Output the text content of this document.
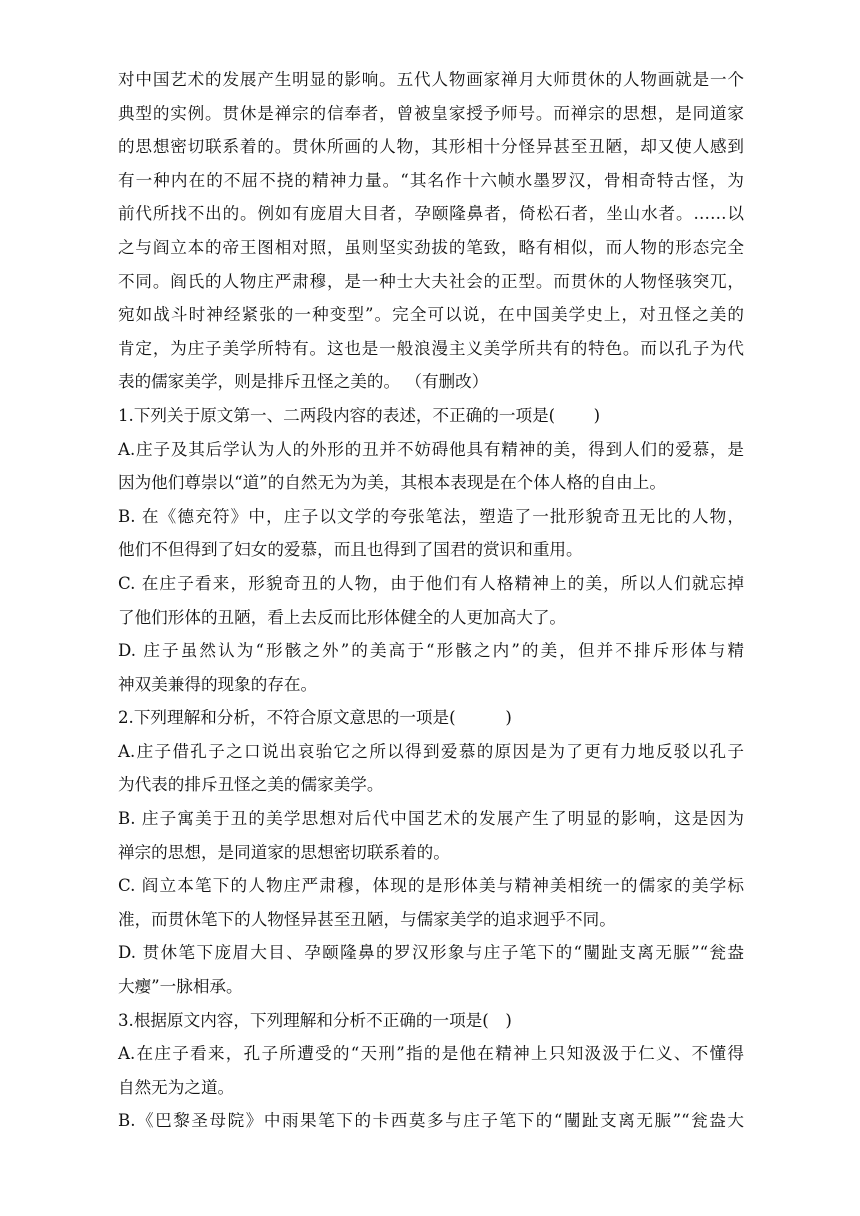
对中国艺术的发展产生明显的影响。五代人物画家禅月大师贯休的人物画就是一个

典型的实例。贯休是禅宗的信奉者，曾被皇家授予师号。而禅宗的思想，是同道家

的思想密切联系着的。贯休所画的人物，其形相十分怪异甚至丑陋，却又使人感到

有一种内在的不屈不挠的精神力量。“其名作十六帧水墨罗汉，骨相奇特古怪，为

前代所找不出的。例如有庞眉大目者，孕颐隆鼻者，倚松石者，坐山水者。……以

之与阎立本的帝王图相对照，虽则坚实劲拔的笔致，略有相似，而人物的形态完全

不同。阎氏的人物庄严肃穆，是一种士大夫社会的正型。而贯休的人物怪骇突兀，

宛如战斗时神经紧张的一种变型”。完全可以说，在中国美学史上，对丑怪之美的

肯定，为庄子美学所特有。这也是一般浪漫主义美学所共有的特色。而以孔子为代

表的儒家美学，则是排斥丑怪之美的。 （有删改）

1.下列关于原文第一、二两段内容的表述，不正确的一项是(　　 )

A.庄子及其后学认为人的外形的丑并不妨碍他具有精神的美，得到人们的爱慕，是

因为他们尊崇以“道”的自然无为为美，其根本表现是在个体人格的自由上。

B. 在《德充符》中，庄子以文学的夸张笔法，塑造了一批形貌奇丑无比的人物，

他们不但得到了妇女的爱慕，而且也得到了国君的赏识和重用。

C. 在庄子看来，形貌奇丑的人物，由于他们有人格精神上的美，所以人们就忘掉

了他们形体的丑陋，看上去反而比形体健全的人更加高大了。

D. 庄子虽然认为“形骸之外”的美高于“形骸之内”的美，但并不排斥形体与精

神双美兼得的现象的存在。

2.下列理解和分析，不符合原文意思的一项是(　　　)

A.庄子借孔子之口说出哀骀它之所以得到爱慕的原因是为了更有力地反驳以孔子

为代表的排斥丑怪之美的儒家美学。

B. 庄子寓美于丑的美学思想对后代中国艺术的发展产生了明显的影响，这是因为

禅宗的思想，是同道家的思想密切联系着的。

C. 阎立本笔下的人物庄严肃穆，体现的是形体美与精神美相统一的儒家的美学标

准，而贯休笔下的人物怪异甚至丑陋，与儒家美学的追求迥乎不同。

D. 贯休笔下庞眉大目、孕颐隆鼻的罗汉形象与庄子笔下的“闉趾支离无脤”“瓮盎

大瘿”一脉相承。

3.根据原文内容，下列理解和分析不正确的一项是(　)

A.在庄子看来，孔子所遭受的“天刑”指的是他在精神上只知汲汲于仁义、不懂得

自然无为之道。

B.《巴黎圣母院》中雨果笔下的卡西莫多与庄子笔下的“闉趾支离无脤”“瓮盎大
